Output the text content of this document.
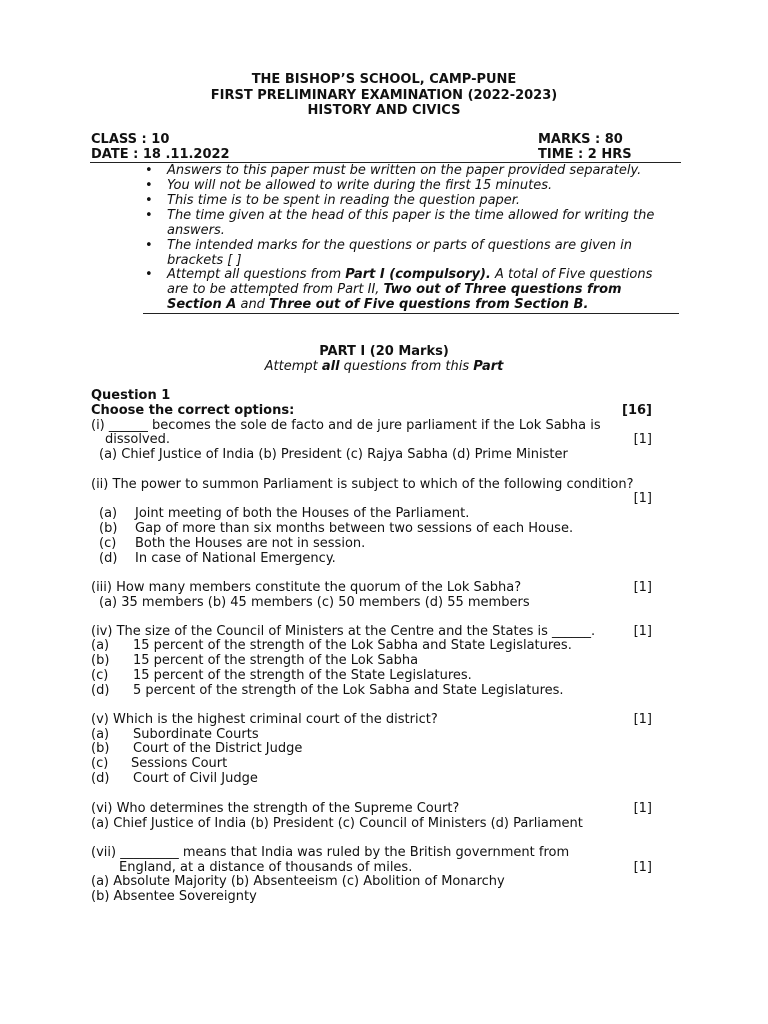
THE BISHOP’S SCHOOL, CAMP-PUNE
FIRST PRELIMINARY EXAMINATION (2022-2023)
HISTORY AND CIVICS
CLASS : 10	MARKS : 80
DATE : 18 .11.2022	TIME : 2 HRS
• Answers to this paper must be written on the paper provided separately.
• You will not be allowed to write during the first 15 minutes.
• This time is to be spent in reading the question paper.
• The time given at the head of this paper is the time allowed for writing the answers.
• The intended marks for the questions or parts of questions are given in brackets [ ]
• Attempt all questions from Part I (compulsory). A total of Five questions are to be attempted from Part II, Two out of Three questions from Section A and Three out of Five questions from Section B.
PART I (20 Marks)
Attempt all questions from this Part
Question 1
Choose the correct options:	[16]
(i) ______ becomes the sole de facto and de jure parliament if the Lok Sabha is
dissolved.	[1]
(a) Chief Justice of India (b) President (c) Rajya Sabha (d) Prime Minister
(ii) The power to summon Parliament is subject to which of the following condition?
[1]
(a) Joint meeting of both the Houses of the Parliament.
(b) Gap of more than six months between two sessions of each House.
(c) Both the Houses are not in session.
(d) In case of National Emergency.
(iii) How many members constitute the quorum of the Lok Sabha?	[1]
(a) 35 members (b) 45 members (c) 50 members (d) 55 members
(iv) The size of the Council of Ministers at the Centre and the States is ______.	[1]
(a) 15 percent of the strength of the Lok Sabha and State Legislatures.
(b) 15 percent of the strength of the Lok Sabha
(c) 15 percent of the strength of the State Legislatures.
(d) 5 percent of the strength of the Lok Sabha and State Legislatures.
(v) Which is the highest criminal court of the district?	[1]
(a) Subordinate Courts
(b) Court of the District Judge
(c) Sessions Court
(d) Court of Civil Judge
(vi) Who determines the strength of the Supreme Court?	[1]
(a) Chief Justice of India (b) President (c) Council of Ministers (d) Parliament
(vii) _________ means that India was ruled by the British government from
England, at a distance of thousands of miles.	[1]
(a) Absolute Majority (b) Absenteeism (c) Abolition of Monarchy
(b) Absentee Sovereignty
